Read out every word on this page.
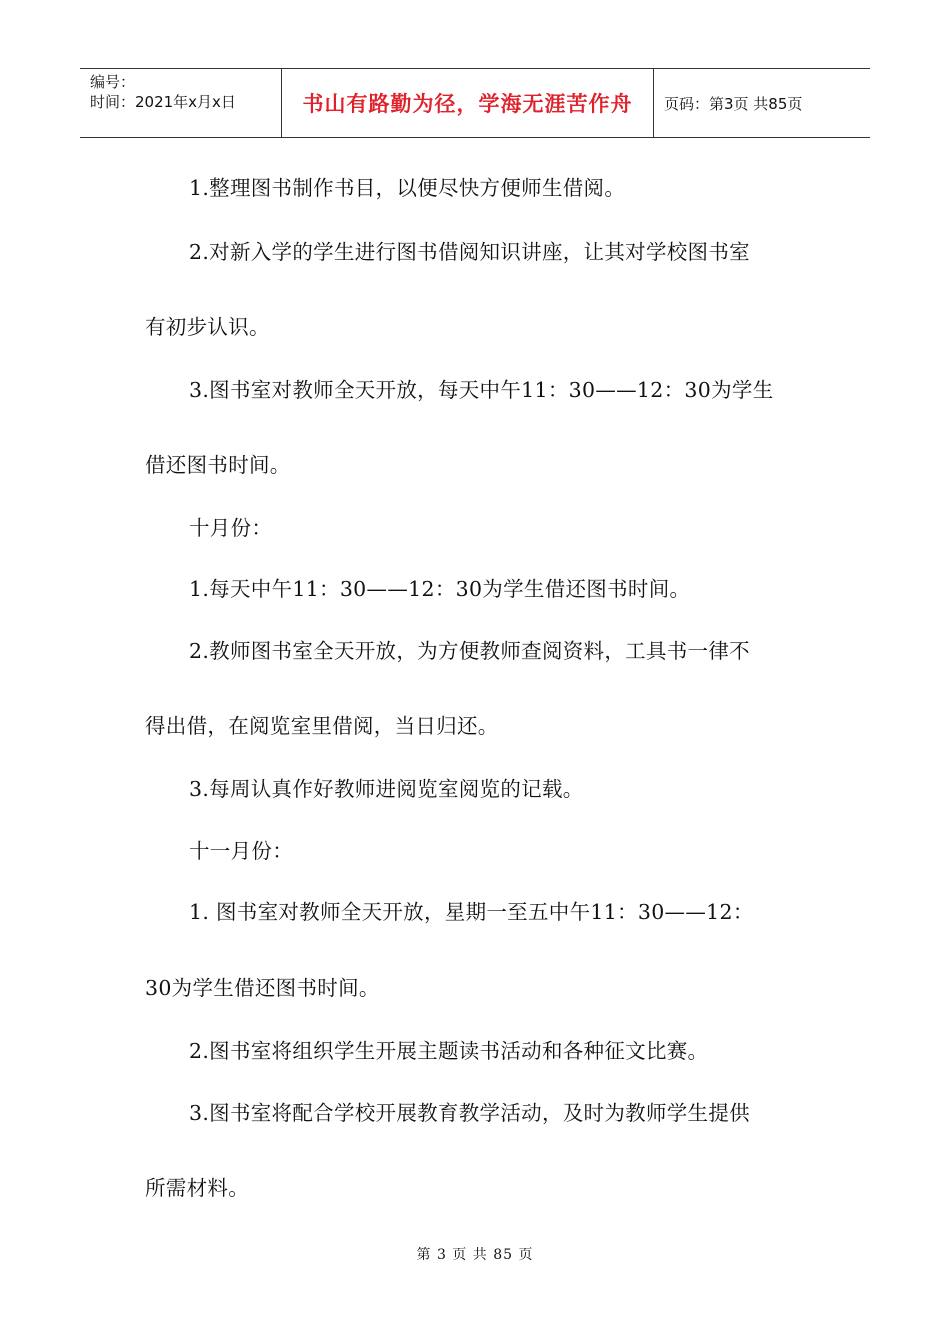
编号：
时间：2021年x月x日	书山有路勤为径，学海无涯苦作舟	页码：第3页 共85页
1.整理图书制作书目，以便尽快方便师生借阅。
2.对新入学的学生进行图书借阅知识讲座，让其对学校图书室
有初步认识。
3.图书室对教师全天开放，每天中午11：30——12：30为学生
借还图书时间。
十月份：
1.每天中午11：30——12：30为学生借还图书时间。
2.教师图书室全天开放，为方便教师查阅资料，工具书一律不
得出借，在阅览室里借阅，当日归还。
3.每周认真作好教师进阅览室阅览的记载。
十一月份：
1. 图书室对教师全天开放，星期一至五中午11：30——12：
30为学生借还图书时间。
2.图书室将组织学生开展主题读书活动和各种征文比赛。
3.图书室将配合学校开展教育教学活动，及时为教师学生提供
所需材料。
第 3 页 共 85 页
